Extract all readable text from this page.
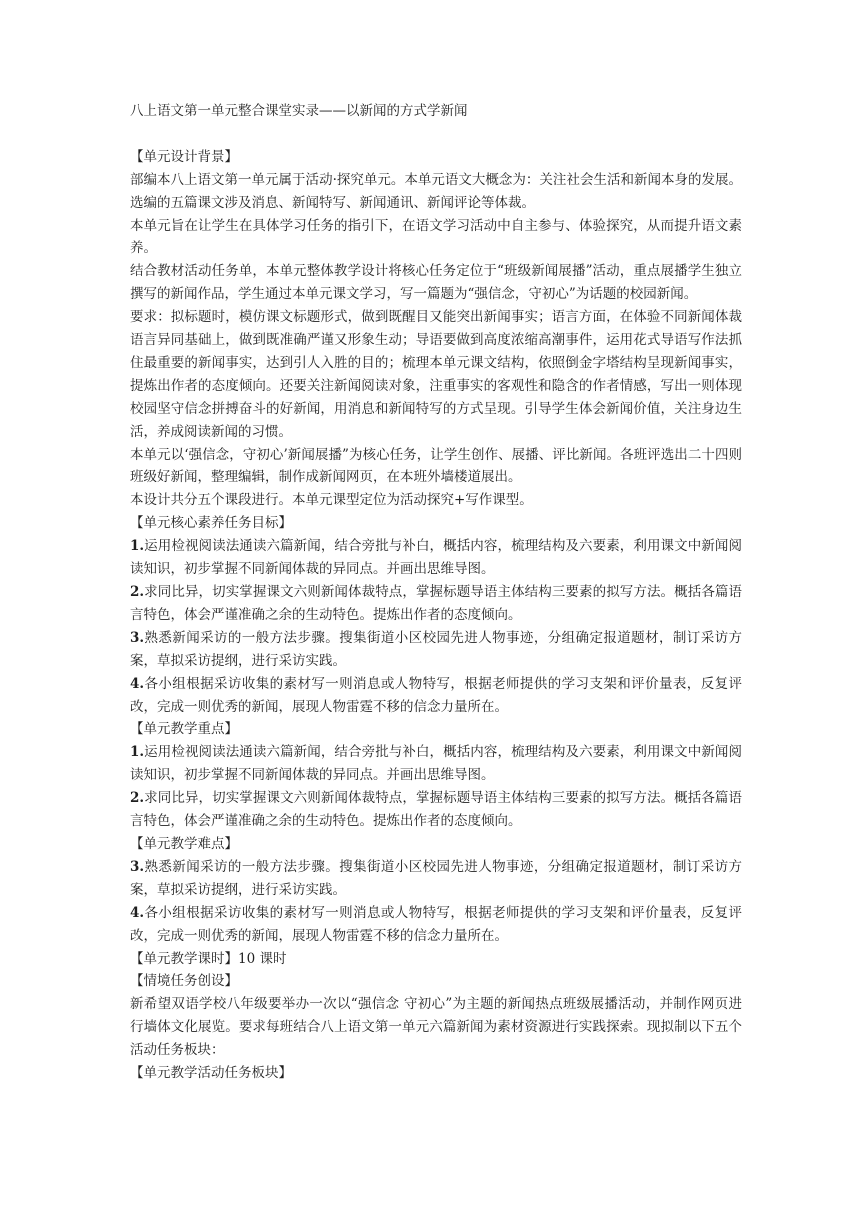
八上语文第一单元整合课堂实录——以新闻的方式学新闻
【单元设计背景】

部编本八上语文第一单元属于活动·探究单元。本单元语文大概念为：关注社会生活和新闻本身的发展。选编的五篇课文涉及消息、新闻特写、新闻通讯、新闻评论等体裁。

本单元旨在让学生在具体学习任务的指引下，在语文学习活动中自主参与、体验探究，从而提升语文素养。

结合教材活动任务单，本单元整体教学设计将核心任务定位于“班级新闻展播”活动，重点展播学生独立撰写的新闻作品，学生通过本单元课文学习，写一篇题为“强信念，守初心”为话题的校园新闻。

要求：拟标题时，模仿课文标题形式，做到既醒目又能突出新闻事实；语言方面，在体验不同新闻体裁语言异同基础上，做到既准确严谨又形象生动；导语要做到高度浓缩高潮事件，运用花式导语写作法抓住最重要的新闻事实，达到引人入胜的目的；梳理本单元课文结构，依照倒金字塔结构呈现新闻事实，提炼出作者的态度倾向。还要关注新闻阅读对象，注重事实的客观性和隐含的作者情感，写出一则体现校园坚守信念拼搏奋斗的好新闻，用消息和新闻特写的方式呈现。引导学生体会新闻价值，关注身边生活，养成阅读新闻的习惯。

本单元以‘强信念，守初心’新闻展播”为核心任务，让学生创作、展播、评比新闻。各班评选出二十四则班级好新闻，整理编辑，制作成新闻网页，在本班外墙楼道展出。

本设计共分五个课段进行。本单元课型定位为活动探究+写作课型。

【单元核心素养任务目标】

1.运用检视阅读法通读六篇新闻，结合旁批与补白，概括内容，梳理结构及六要素，利用课文中新闻阅读知识，初步掌握不同新闻体裁的异同点。并画出思维导图。

2.求同比异，切实掌握课文六则新闻体裁特点，掌握标题导语主体结构三要素的拟写方法。概括各篇语言特色，体会严谨准确之余的生动特色。提炼出作者的态度倾向。

3.熟悉新闻采访的一般方法步骤。搜集街道小区校园先进人物事迹，分组确定报道题材，制订采访方案，草拟采访提纲，进行采访实践。

4.各小组根据采访收集的素材写一则消息或人物特写，根据老师提供的学习支架和评价量表，反复评改，完成一则优秀的新闻，展现人物雷霆不移的信念力量所在。

【单元教学重点】

1.运用检视阅读法通读六篇新闻，结合旁批与补白，概括内容，梳理结构及六要素，利用课文中新闻阅读知识，初步掌握不同新闻体裁的异同点。并画出思维导图。

2.求同比异，切实掌握课文六则新闻体裁特点，掌握标题导语主体结构三要素的拟写方法。概括各篇语言特色，体会严谨准确之余的生动特色。提炼出作者的态度倾向。

【单元教学难点】

3.熟悉新闻采访的一般方法步骤。搜集街道小区校园先进人物事迹，分组确定报道题材，制订采访方案，草拟采访提纲，进行采访实践。

4.各小组根据采访收集的素材写一则消息或人物特写，根据老师提供的学习支架和评价量表，反复评改，完成一则优秀的新闻，展现人物雷霆不移的信念力量所在。

【单元教学课时】10 课时
【情境任务创设】

新希望双语学校八年级要举办一次以“强信念 守初心”为主题的新闻热点班级展播活动，并制作网页进行墙体文化展览。要求每班结合八上语文第一单元六篇新闻为素材资源进行实践探索。现拟制以下五个活动任务板块：

【单元教学活动任务板块】
